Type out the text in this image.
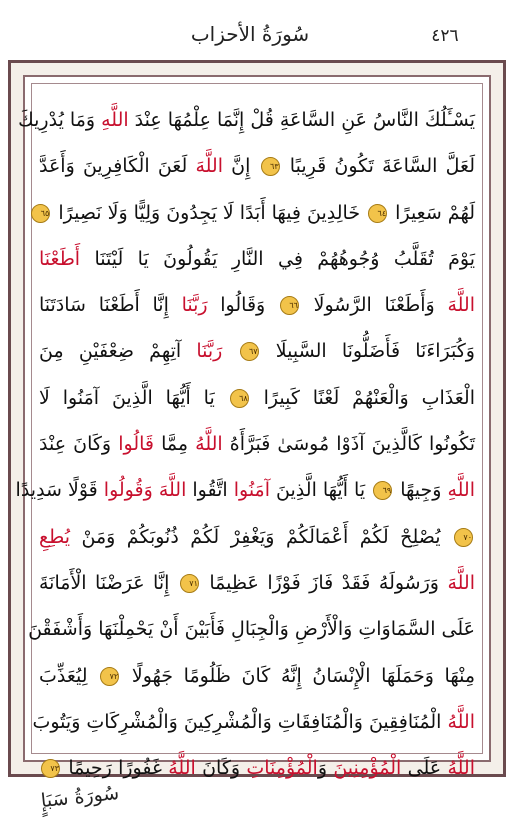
سُورَةُ الأحزاب	٤٢٦
يَسْـَٔلُكَ النَّاسُ عَنِ السَّاعَةِ قُلْ إِنَّمَا عِلْمُهَا عِنْدَ اللَّهِ وَمَا يُدْرِيكَ
لَعَلَّ السَّاعَةَ تَكُونُ قَرِيبًا ٦٣ إِنَّ اللَّهَ لَعَنَ الْكَافِرِينَ وَأَعَدَّ
لَهُمْ سَعِيرًا ٦٤ خَالِدِينَ فِيهَا أَبَدًا لَا يَجِدُونَ وَلِيًّا وَلَا نَصِيرًا ٦٥
يَوْمَ تُقَلَّبُ وُجُوهُهُمْ فِي النَّارِ يَقُولُونَ يَا لَيْتَنَا أَطَعْنَا
اللَّهَ وَأَطَعْنَا الرَّسُولَا ٦٦ وَقَالُوا رَبَّنَا إِنَّا أَطَعْنَا سَادَتَنَا
وَكُبَرَاءَنَا فَأَضَلُّونَا السَّبِيلَا ٦٧ رَبَّنَا آتِهِمْ ضِعْفَيْنِ مِنَ
الْعَذَابِ وَالْعَنْهُمْ لَعْنًا كَبِيرًا ٦٨ يَا أَيُّهَا الَّذِينَ آمَنُوا لَا
تَكُونُوا كَالَّذِينَ آذَوْا مُوسَىٰ فَبَرَّأَهُ اللَّهُ مِمَّا قَالُوا وَكَانَ عِنْدَ
اللَّهِ وَجِيهًا ٦٩ يَا أَيُّهَا الَّذِينَ آمَنُوا اتَّقُوا اللَّهَ وَقُولُوا قَوْلًا سَدِيدًا
٧٠ يُصْلِحْ لَكُمْ أَعْمَالَكُمْ وَيَغْفِرْ لَكُمْ ذُنُوبَكُمْ وَمَنْ يُطِعِ
اللَّهَ وَرَسُولَهُ فَقَدْ فَازَ فَوْزًا عَظِيمًا ٧١ إِنَّا عَرَضْنَا الْأَمَانَةَ
عَلَى السَّمَاوَاتِ وَالْأَرْضِ وَالْجِبَالِ فَأَبَيْنَ أَنْ يَحْمِلْنَهَا وَأَشْفَقْنَ
مِنْهَا وَحَمَلَهَا الْإِنْسَانُ إِنَّهُ كَانَ ظَلُومًا جَهُولًا ٧٢ لِيُعَذِّبَ
اللَّهُ الْمُنَافِقِينَ وَالْمُنَافِقَاتِ وَالْمُشْرِكِينَ وَالْمُشْرِكَاتِ وَيَتُوبَ
اللَّهُ عَلَى الْمُؤْمِنِينَ وَالْمُؤْمِنَاتِ وَكَانَ اللَّهُ غَفُورًا رَحِيمًا ٧٣
سُورَةُ سَبَإٍ
